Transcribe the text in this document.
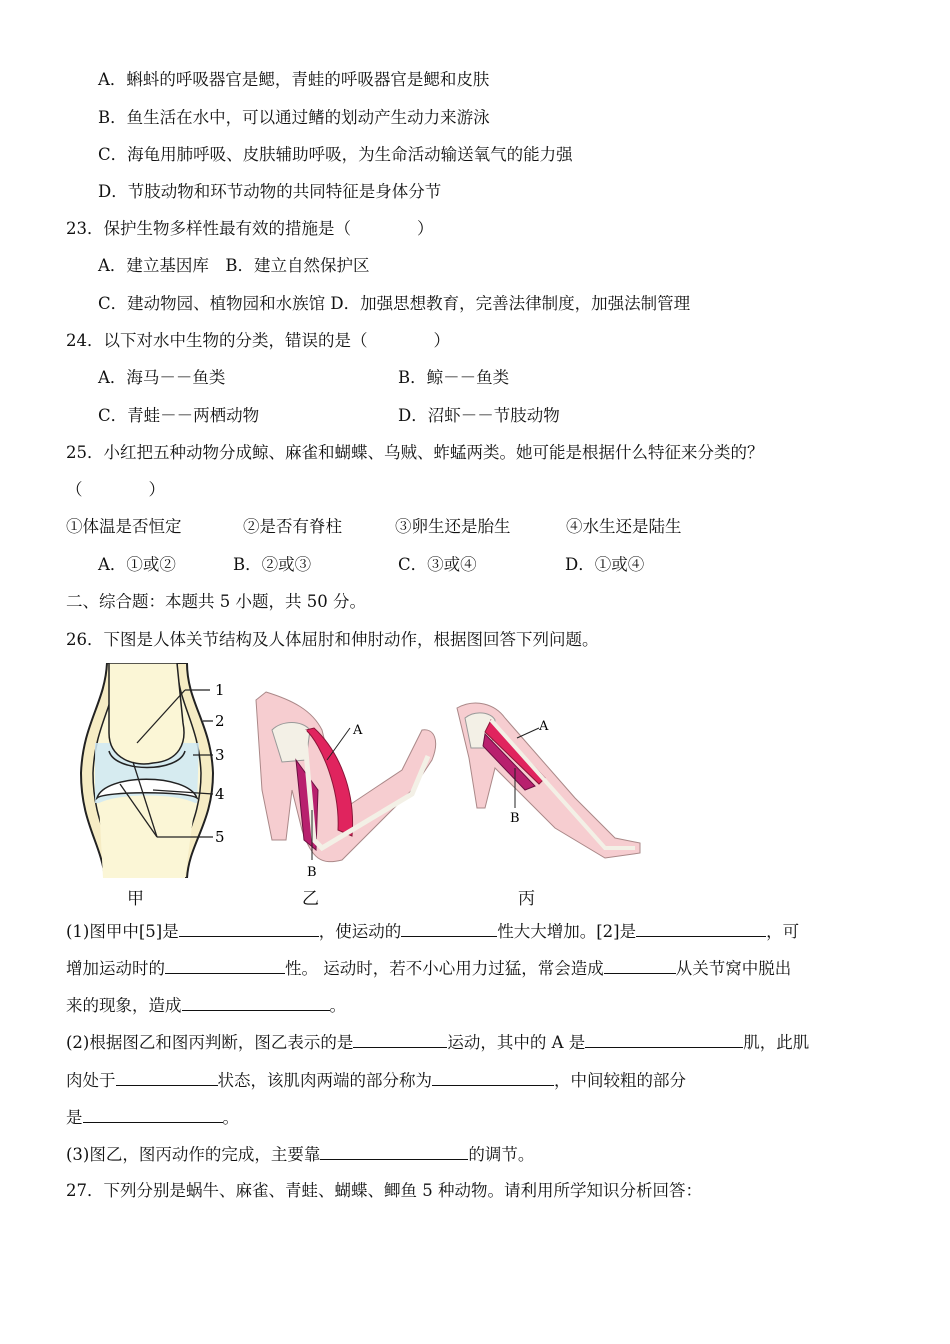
A．蝌蚪的呼吸器官是鳃，青蛙的呼吸器官是鳃和皮肤
B．鱼生活在水中，可以通过鳍的划动产生动力来游泳
C．海龟用肺呼吸、皮肤辅助呼吸，为生命活动输送氧气的能力强
D．节肢动物和环节动物的共同特征是身体分节
23．保护生物多样性最有效的措施是（　　　　）
A．建立基因库　B．建立自然保护区
C．建动物园、植物园和水族馆 D．加强思想教育，完善法律制度，加强法制管理
24．以下对水中生物的分类，错误的是（　　　　）
A．海马－－鱼类	B．鲸－－鱼类
C．青蛙－－两栖动物	D．沼虾－－节肢动物
25．小红把五种动物分成鲸、麻雀和蝴蝶、乌贼、蚱蜢两类。她可能是根据什么特征来分类的？
（　　　　）
①体温是否恒定	②是否有脊柱	③卵生还是胎生	④水生还是陆生
A．①或②	B．②或③	C．③或④	D．①或④
二、综合题：本题共 5 小题，共 50 分。
26．下图是人体关节结构及人体屈肘和伸肘动作，根据图回答下列问题。
1
2
3
4
5
A
B
A
B
甲	乙	丙
(1)图甲中[5]是	，使运动的	性大大增加。[2]是	，可
增加运动时的	性。 运动时，若不小心用力过猛，常会造成	从关节窝中脱出
来的现象，造成	。
(2)根据图乙和图丙判断，图乙表示的是	运动，其中的 A 是	肌，此肌
肉处于	状态，该肌肉两端的部分称为	，中间较粗的部分
是	。
(3)图乙，图丙动作的完成，主要靠	的调节。
27．下列分别是蜗牛、麻雀、青蛙、蝴蝶、鲫鱼 5 种动物。请利用所学知识分析回答：
